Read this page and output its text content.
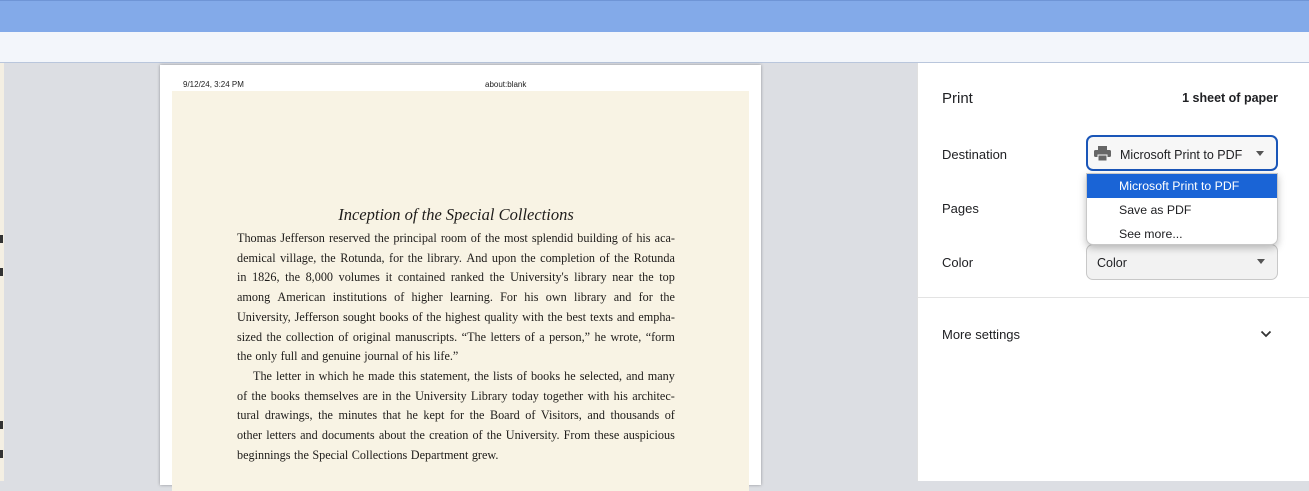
9/12/24, 3:24 PM	about:blank
Inception of the Special Collections
Thomas Jefferson reserved the principal room of the most splendid building of his aca-
demical village, the Rotunda, for the library. And upon the completion of the Rotunda
in 1826, the 8,000 volumes it contained ranked the University's library near the top
among American institutions of higher learning. For his own library and for the
University, Jefferson sought books of the highest quality with the best texts and empha-
sized the collection of original manuscripts. “The letters of a person,” he wrote, “form
the only full and genuine journal of his life.”
The letter in which he made this statement, the lists of books he selected, and many
of the books themselves are in the University Library today together with his architec-
tural drawings, the minutes that he kept for the Board of Visitors, and thousands of
other letters and documents about the creation of the University. From these auspicious
beginnings the Special Collections Department grew.
Print	1 sheet of paper
Destination	Microsoft Print to PDF
Pages
Color	Color
Microsoft Print to PDF
Save as PDF
See more...
More settings
